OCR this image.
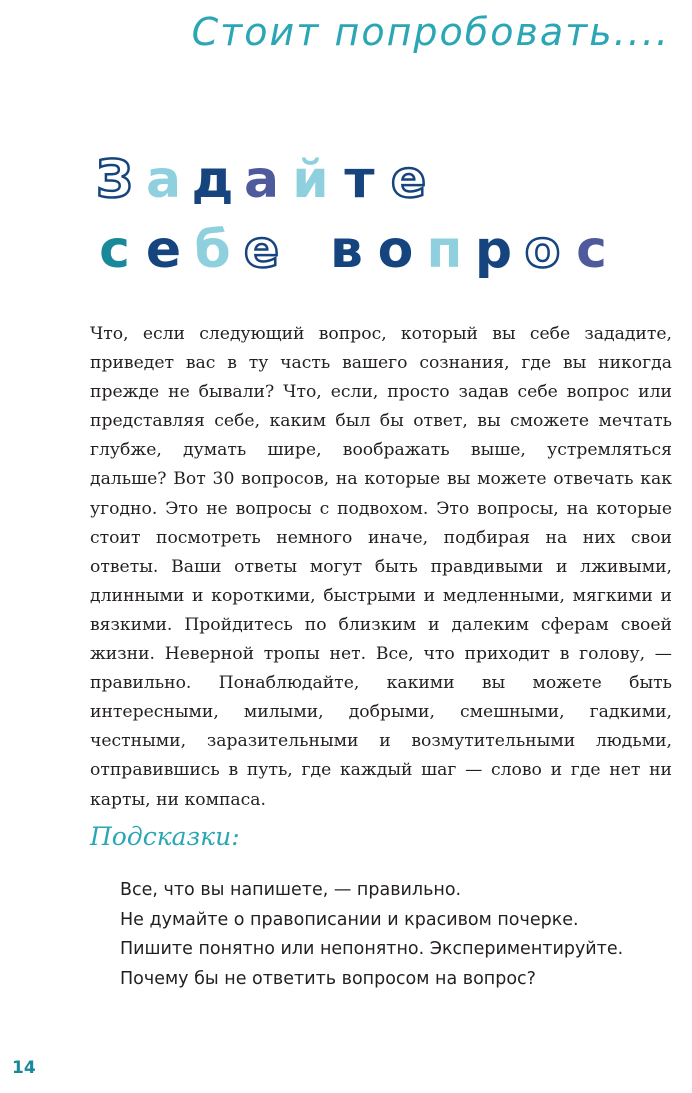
Стоит попробовать....
З а д а й т е
с е б е в о п р о с

Что, если следующий вопрос, который вы себе зададите, приведет вас в ту часть вашего сознания, где вы никогда прежде не бывали? Что, если, просто задав себе вопрос или представляя себе, каким был бы ответ, вы сможете мечтать глубже, думать шире, воображать выше, устремляться дальше? Вот 30 вопросов, на которые вы можете отвечать как угодно. Это не вопросы с подвохом. Это вопросы, на которые стоит посмотреть немного иначе, подбирая на них свои ответы. Ваши ответы могут быть правдивыми и лживыми, длинными и короткими, быстрыми и медленными, мягкими и вязкими. Пройдитесь по близким и далеким сферам своей жизни. Неверной тропы нет. Все, что приходит в голову, — правильно. Понаблюдайте, какими вы можете быть интересными, милыми, добрыми, смешными, гадкими, честными, заразительными и возмутительными людьми, отправившись в путь, где каждый шаг — слово и где нет ни карты, ни компаса.

Подсказки:

Все, что вы напишете, — правильно.
Не думайте о правописании и красивом почерке.
Пишите понятно или непонятно. Экспериментируйте.
Почему бы не ответить вопросом на вопрос?
14
